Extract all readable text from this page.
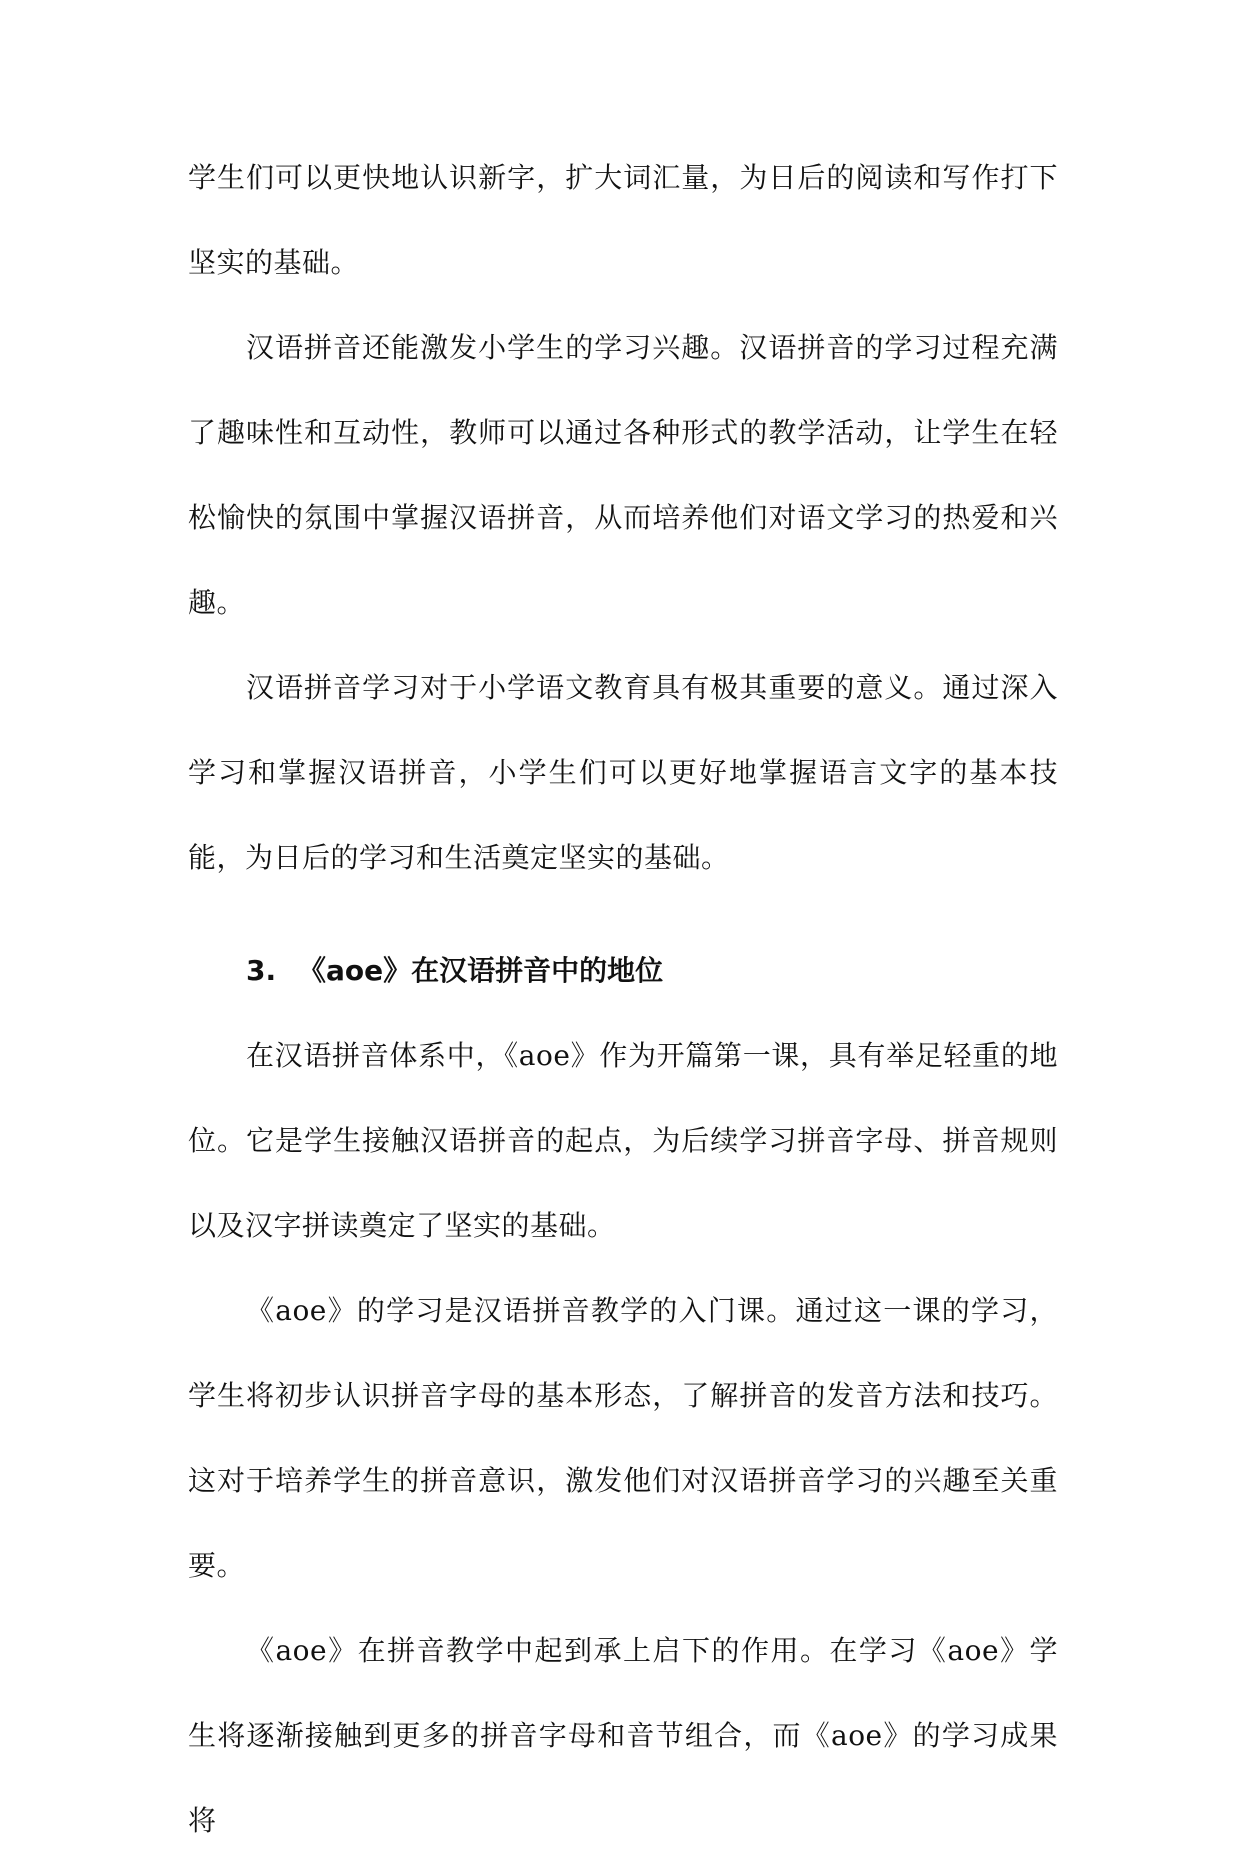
学生们可以更快地认识新字，扩大词汇量，为日后的阅读和写作打下坚实的基础。

汉语拼音还能激发小学生的学习兴趣。汉语拼音的学习过程充满了趣味性和互动性，教师可以通过各种形式的教学活动，让学生在轻松愉快的氛围中掌握汉语拼音，从而培养他们对语文学习的热爱和兴趣。

汉语拼音学习对于小学语文教育具有极其重要的意义。通过深入学习和掌握汉语拼音，小学生们可以更好地掌握语言文字的基本技能，为日后的学习和生活奠定坚实的基础。

3. 《aoe》在汉语拼音中的地位

在汉语拼音体系中，《aoe》作为开篇第一课，具有举足轻重的地位。它是学生接触汉语拼音的起点，为后续学习拼音字母、拼音规则以及汉字拼读奠定了坚实的基础。

《aoe》的学习是汉语拼音教学的入门课。通过这一课的学习，学生将初步认识拼音字母的基本形态，了解拼音的发音方法和技巧。这对于培养学生的拼音意识，激发他们对汉语拼音学习的兴趣至关重要。

《aoe》在拼音教学中起到承上启下的作用。在学习《aoe》学生将逐渐接触到更多的拼音字母和音节组合，而《aoe》的学习成果将
